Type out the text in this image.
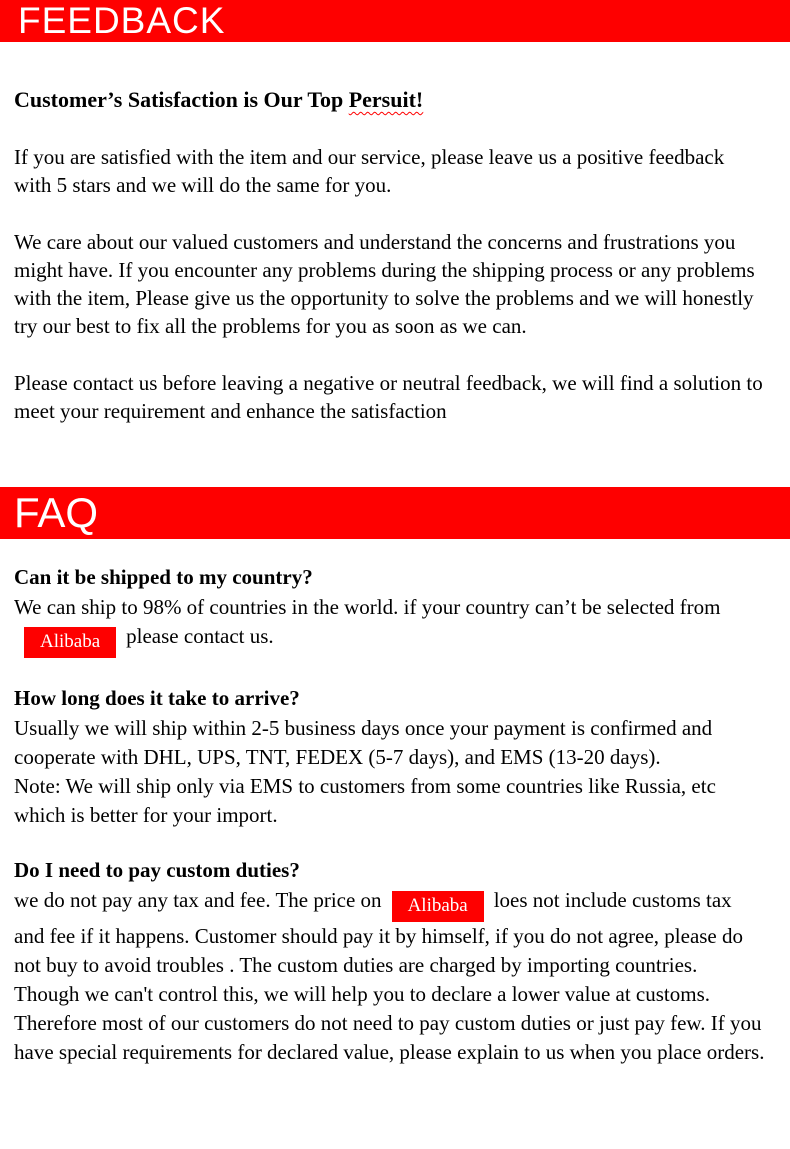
FEEDBACK
Customer’s Satisfaction is Our Top Persuit!

If you are satisfied with the item and our service, please leave us a positive feedback with 5 stars and we will do the same for you.

We care about our valued customers and understand the concerns and frustrations you might have. If you encounter any problems during the shipping process or any problems with the item, Please give us the opportunity to solve the problems and we will honestly try our best to fix all the problems for you as soon as we can.

Please contact us before leaving a negative or neutral feedback, we will find a solution to meet your requirement and enhance the satisfaction

FAQ
Can it be shipped to my country?
We can ship to 98% of countries in the world. if your country can’t be selected fromAlibaba please contact us.
How long does it take to arrive?
Usually we will ship within 2-5 business days once your payment is confirmed and cooperate with DHL, UPS, TNT, FEDEX (5-7 days), and EMS (13-20 days).
Note: We will ship only via EMS to customers from some countries like Russia, etc which is better for your import.
Do I need to pay custom duties?
we do not pay any tax and fee. The price on Alibaba loes not include customs tax and fee if it happens. Customer should pay it by himself, if you do not agree, please do not buy to avoid troubles . The custom duties are charged by importing countries. Though we can't control this, we will help you to declare a lower value at customs. Therefore most of our customers do not need to pay custom duties or just pay few. If you have special requirements for declared value, please explain to us when you place orders.
